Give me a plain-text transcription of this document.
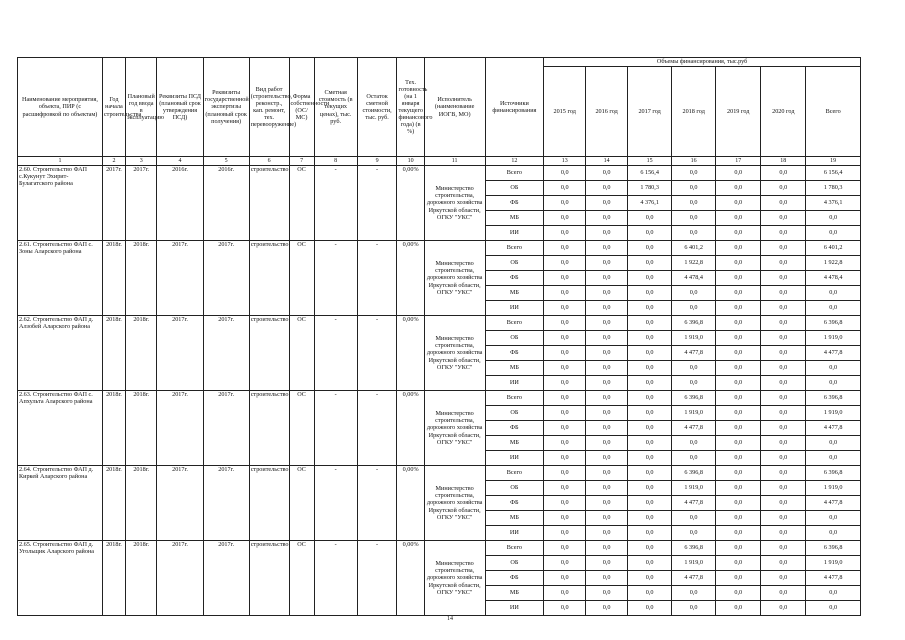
Наименование мероприятия, объекта, ПИР (с расшифровкой по объектам)	Год начала строительства	Плановый год ввода в эксплуатацию	Реквизиты ПСД (плановый срок утверждения ПСД)	Реквизиты государственной экспертизы (плановый срок получения)	Вид работ (строительство, реконстр., кап. ремонт, тех. перевооружение)	Форма собственности (ОС/МС)	Сметная стоимость (в текущих ценах), тыс. руб.	Остаток сметной стоимости, тыс. руб.	Тех. готовность (на 1 января текущего финансового года) (в %)	Исполнитель (наименование ИОГВ, МО)	Источники финансирования	Объемы финансирования, тыс.руб						
												2015 год	2016 год	2017 год	2018 год	2019 год	2020 год	Всего
1	2	3	4	5	6	7	8	9	10	11	12	13	14	15	16	17	18	19
2.60. Строительство ФАП с.Кукунут Эхирит-Булагатского района	2017г.	2017г.	2016г.	2016г.	строительство	ОС	-	-	0,00%	Министерство строительства, дорожного хозяйства Иркутской области, ОГКУ "УКС"	Всего	0,0	0,0	6 156,4	0,0	0,0	0,0	6 156,4
											ОБ	0,0	0,0	1 780,3	0,0	0,0	0,0	1 780,3
											ФБ	0,0	0,0	4 376,1	0,0	0,0	0,0	4 376,1
											МБ	0,0	0,0	0,0	0,0	0,0	0,0	0,0
											ИИ	0,0	0,0	0,0	0,0	0,0	0,0	0,0
2.61. Строительство ФАП с. Зоны Аларского района	2018г.	2018г.	2017г.	2017г.	строительство	ОС	-	-	0,00%	Министерство строительства, дорожного хозяйства Иркутской области, ОГКУ "УКС"	Всего	0,0	0,0	0,0	6 401,2	0,0	0,0	6 401,2
											ОБ	0,0	0,0	0,0	1 922,8	0,0	0,0	1 922,8
											ФБ	0,0	0,0	0,0	4 478,4	0,0	0,0	4 478,4
											МБ	0,0	0,0	0,0	0,0	0,0	0,0	0,0
											ИИ	0,0	0,0	0,0	0,0	0,0	0,0	0,0
2.62. Строительство ФАП д. Алзобей Аларского района	2018г.	2018г.	2017г.	2017г.	строительство	ОС	-	-	0,00%	Министерство строительства, дорожного хозяйства Иркутской области, ОГКУ "УКС"	Всего	0,0	0,0	0,0	6 396,8	0,0	0,0	6 396,8
											ОБ	0,0	0,0	0,0	1 919,0	0,0	0,0	1 919,0
											ФБ	0,0	0,0	0,0	4 477,8	0,0	0,0	4 477,8
											МБ	0,0	0,0	0,0	0,0	0,0	0,0	0,0
											ИИ	0,0	0,0	0,0	0,0	0,0	0,0	0,0
2.63. Строительство ФАП с. Апхульта Аларского района	2018г.	2018г.	2017г.	2017г.	строительство	ОС	-	-	0,00%	Министерство строительства, дорожного хозяйства Иркутской области, ОГКУ "УКС"	Всего	0,0	0,0	0,0	6 396,8	0,0	0,0	6 396,8
											ОБ	0,0	0,0	0,0	1 919,0	0,0	0,0	1 919,0
											ФБ	0,0	0,0	0,0	4 477,8	0,0	0,0	4 477,8
											МБ	0,0	0,0	0,0	0,0	0,0	0,0	0,0
											ИИ	0,0	0,0	0,0	0,0	0,0	0,0	0,0
2.64. Строительство ФАП д. Киркей Аларского района	2018г.	2018г.	2017г.	2017г.	строительство	ОС	-	-	0,00%	Министерство строительства, дорожного хозяйства Иркутской области, ОГКУ "УКС"	Всего	0,0	0,0	0,0	6 396,8	0,0	0,0	6 396,8
											ОБ	0,0	0,0	0,0	1 919,0	0,0	0,0	1 919,0
											ФБ	0,0	0,0	0,0	4 477,8	0,0	0,0	4 477,8
											МБ	0,0	0,0	0,0	0,0	0,0	0,0	0,0
											ИИ	0,0	0,0	0,0	0,0	0,0	0,0	0,0
2.65. Строительство ФАП д. Угольщик Аларского района	2018г.	2018г.	2017г.	2017г.	строительство	ОС	-	-	0,00%	Министерство строительства, дорожного хозяйства Иркутской области, ОГКУ "УКС"	Всего	0,0	0,0	0,0	6 396,8	0,0	0,0	6 396,8
											ОБ	0,0	0,0	0,0	1 919,0	0,0	0,0	1 919,0
											ФБ	0,0	0,0	0,0	4 477,8	0,0	0,0	4 477,8
											МБ	0,0	0,0	0,0	0,0	0,0	0,0	0,0
											ИИ	0,0	0,0	0,0	0,0	0,0	0,0	0,0
14
